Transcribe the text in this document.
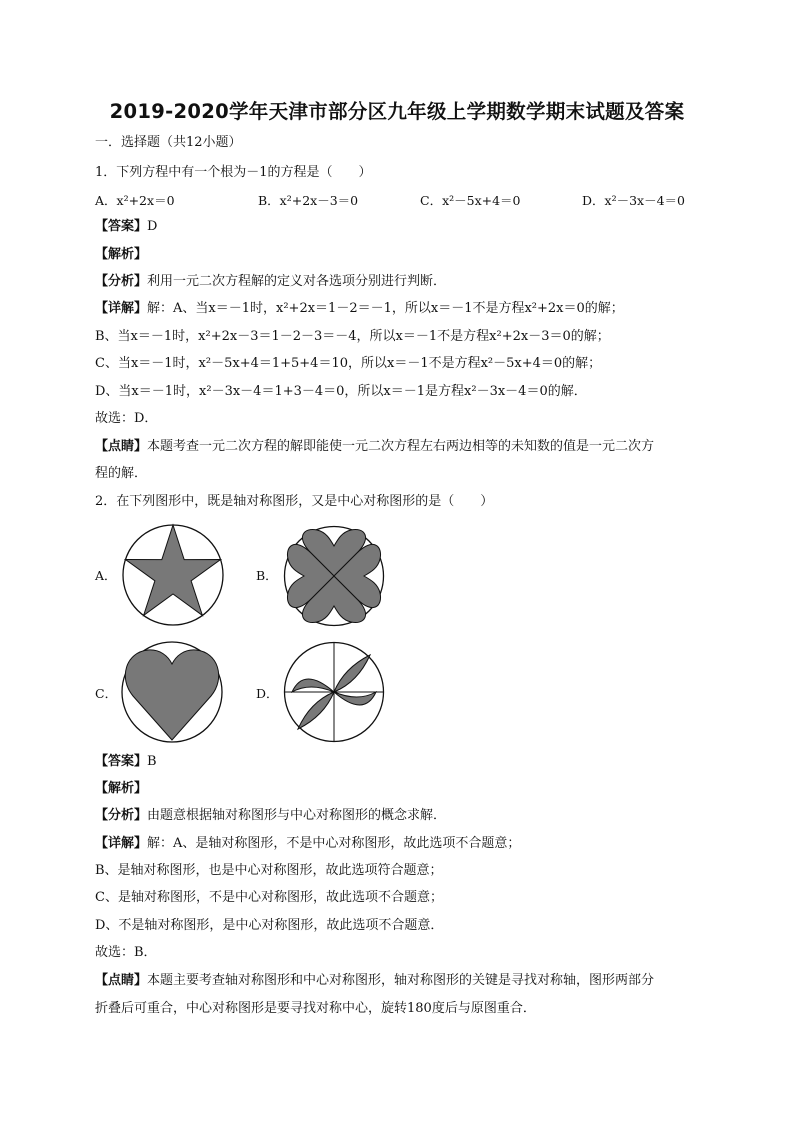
2019-2020学年天津市部分区九年级上学期数学期末试题及答案
一．选择题（共12小题）
1．下列方程中有一个根为－1的方程是（　　）
A．x²+2x＝0	B．x²+2x－3＝0	C．x²－5x+4＝0	D．x²－3x－4＝0
【答案】D
【解析】
【分析】利用一元二次方程解的定义对各选项分别进行判断．
【详解】解：A、当x＝－1时，x²+2x＝1－2＝－1，所以x＝－1不是方程x²+2x＝0的解；
B、当x＝－1时，x²+2x－3＝1－2－3＝－4，所以x＝－1不是方程x²+2x－3＝0的解；
C、当x＝－1时，x²－5x+4＝1+5+4＝10，所以x＝－1不是方程x²－5x+4＝0的解；
D、当x＝－1时，x²－3x－4＝1+3－4＝0，所以x＝－1是方程x²－3x－4＝0的解．
故选：D．
【点睛】本题考查一元二次方程的解即能使一元二次方程左右两边相等的未知数的值是一元二次方
程的解．
2．在下列图形中，既是轴对称图形，又是中心对称图形的是（　　）
A．	B．
C．	D．
【答案】B
【解析】
【分析】由题意根据轴对称图形与中心对称图形的概念求解．
【详解】解：A、是轴对称图形，不是中心对称图形，故此选项不合题意；
B、是轴对称图形，也是中心对称图形，故此选项符合题意；
C、是轴对称图形，不是中心对称图形，故此选项不合题意；
D、不是轴对称图形，是中心对称图形，故此选项不合题意．
故选：B．
【点睛】本题主要考查轴对称图形和中心对称图形，轴对称图形的关键是寻找对称轴，图形两部分
折叠后可重合，中心对称图形是要寻找对称中心，旋转180度后与原图重合．
